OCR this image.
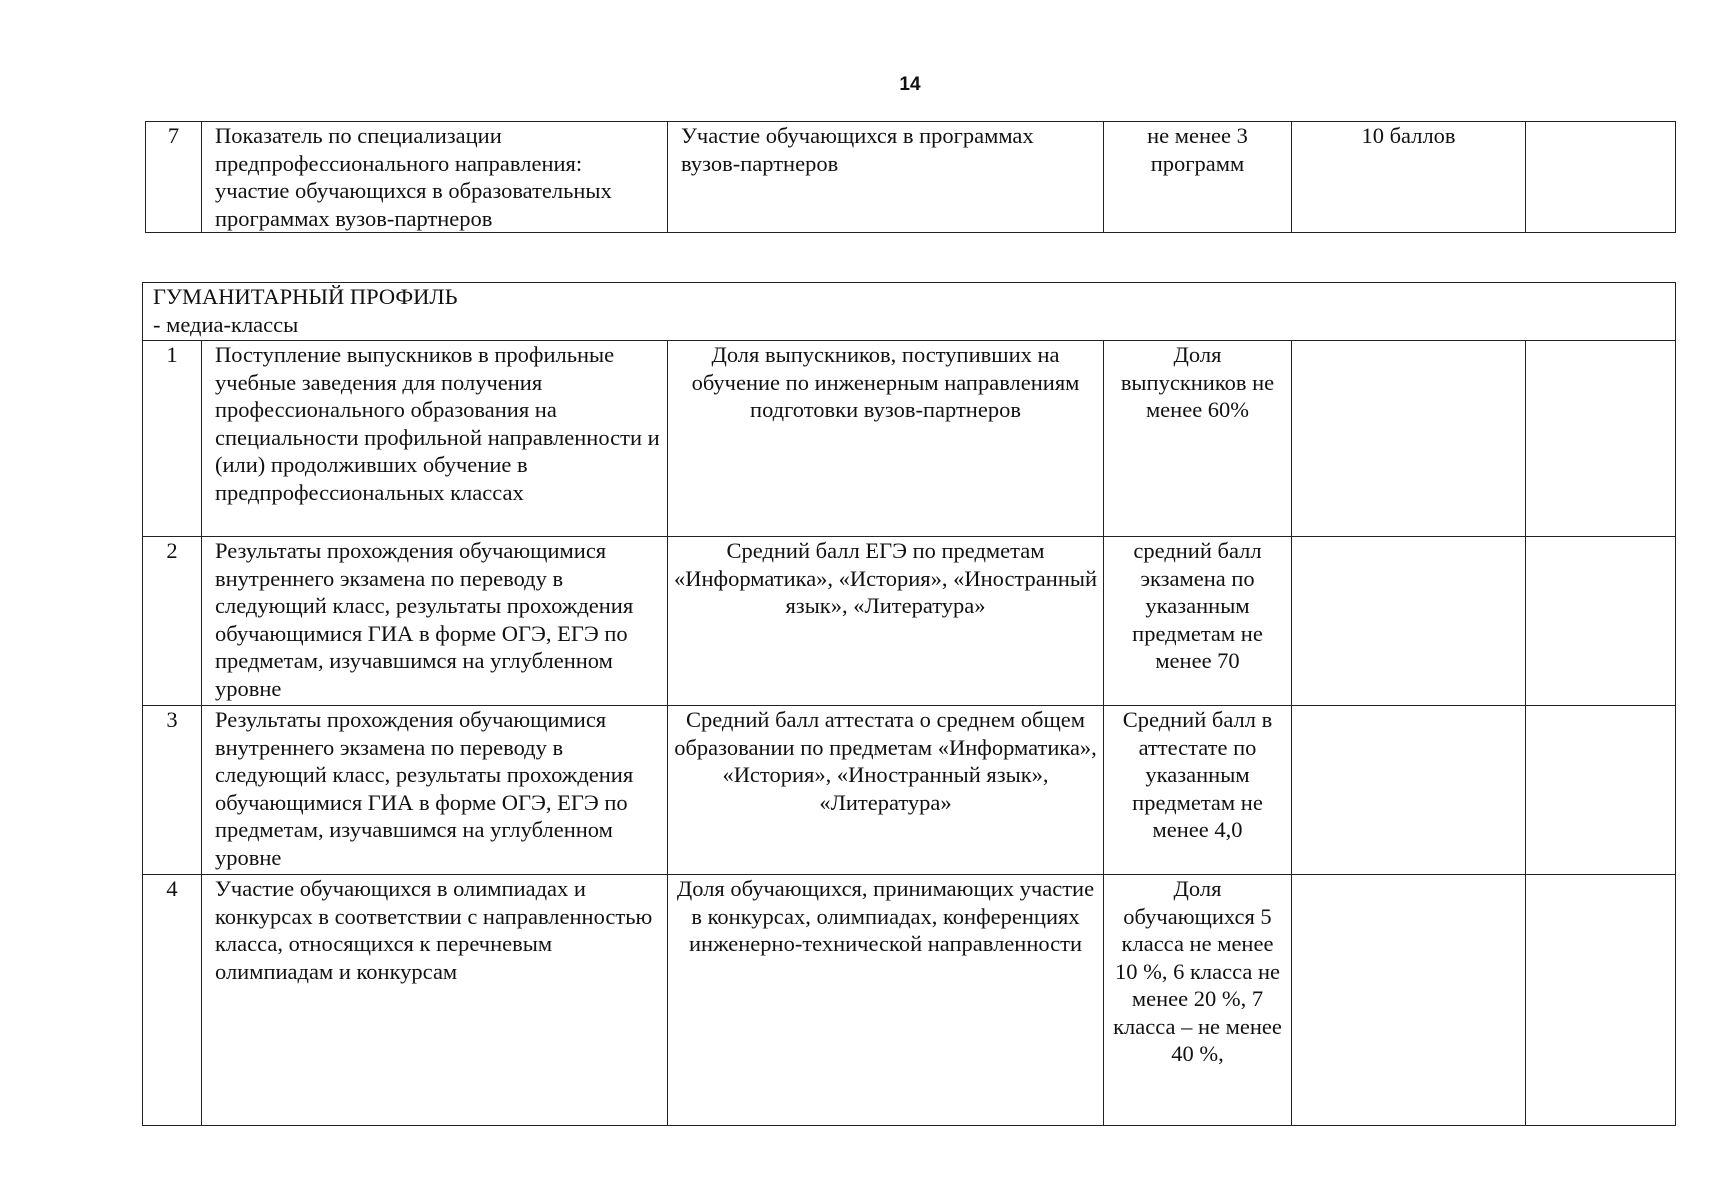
14
7	Показатель по специализации предпрофессионального направления: участие обучающихся в образовательных программах вузов-партнеров	Участие обучающихся в программах вузов-партнеров	не менее 3 программ	10 баллов	
ГУМАНИТАРНЫЙ ПРОФИЛЬ
- медиа-классы					

1	Поступление выпускников в профильные учебные заведения для получения профессионального образования на специальности профильной направленности и (или) продолживших обучение в предпрофессиональных классах	Доля выпускников, поступивших на обучение по инженерным направлениям подготовки вузов-партнеров	Доля выпускников не менее 60%		
2	Результаты прохождения обучающимися внутреннего экзамена по переводу в следующий класс, результаты прохождения обучающимися ГИА в форме ОГЭ, ЕГЭ по предметам, изучавшимся на углубленном уровне	Средний балл ЕГЭ по предметам «Информатика», «История», «Иностранный язык», «Литература»	средний балл экзамена по указанным предметам не менее 70		
3	Результаты прохождения обучающимися внутреннего экзамена по переводу в следующий класс, результаты прохождения обучающимися ГИА в форме ОГЭ, ЕГЭ по предметам, изучавшимся на углубленном уровне	Средний балл аттестата о среднем общем образовании по предметам «Информатика», «История», «Иностранный язык», «Литература»	Средний балл в аттестате по указанным предметам не менее 4,0		
4	Участие обучающихся в олимпиадах и конкурсах в соответствии с направленностью класса, относящихся к перечневым олимпиадам и конкурсам	Доля обучающихся, принимающих участие в конкурсах, олимпиадах, конференциях инженерно-технической направленности	Доля обучающихся 5 класса не менее 10 %, 6 класса не менее 20 %, 7 класса – не менее 40 %,		
